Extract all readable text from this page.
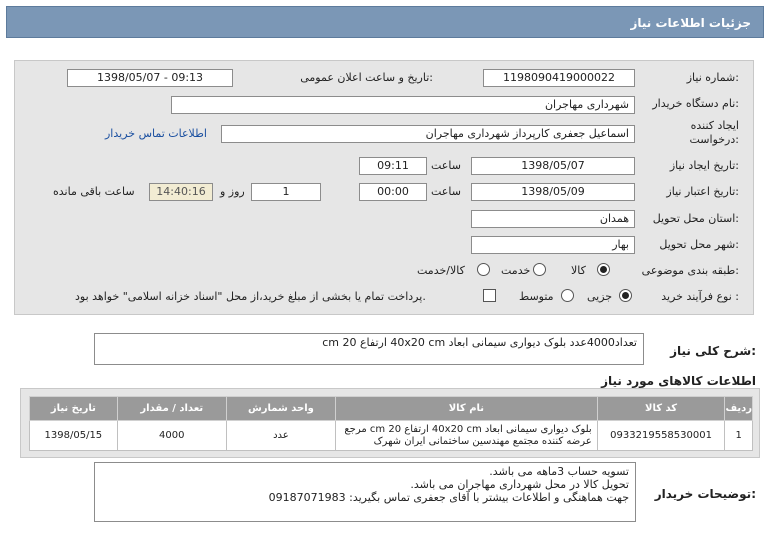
جزئیات اطلاعات نیاز
شماره نیاز:
1198090419000022
تاریخ و ساعت اعلان عمومی:
1398/05/07 - 09:13
نام دستگاه خریدار:
شهرداری مهاجران
ایجاد کننده
درخواست:
اسماعیل جعفری کارپرداز شهرداری مهاجران
اطلاعات تماس خریدار
تاریخ ایجاد نیاز:
1398/05/07
ساعت
09:11
تاریخ اعتبار نیاز:
1398/05/09
ساعت
00:00
1
روز و
14:40:16
ساعت باقی مانده
استان محل تحویل:
همدان
شهر محل تحویل:
بهار
طبقه بندی موضوعی:
کالا
خدمت
کالا/خدمت
نوع فرآیند خرید :
جزیی
متوسط
پرداخت تمام یا بخشی از مبلغ خرید،از محل "اسناد خزانه اسلامی" خواهد بود.
شرح کلی نیاز:
تعداد4000عدد بلوک دیواری سیمانی ابعاد 40x20 cm ارتفاع 20 cm
اطلاعات کالاهای مورد نیاز
ردیف	کد کالا	نام کالا	واحد شمارش	تعداد / مقدار	تاریخ نیاز
1	0933219558530001	بلوک دیواری سیمانی ابعاد 40x20 cm ارتفاع 20 cm مرجع
عرضه کننده مجتمع مهندسین ساختمانی ایران شهرک	عدد	4000	1398/05/15
توضیحات خریدار:
تسویه حساب 3ماهه می باشد.
تحویل کالا در محل شهرداری مهاجران می باشد.
جهت هماهنگی و اطلاعات بیشتر با آقای جعفری تماس بگیرید: 09187071983
